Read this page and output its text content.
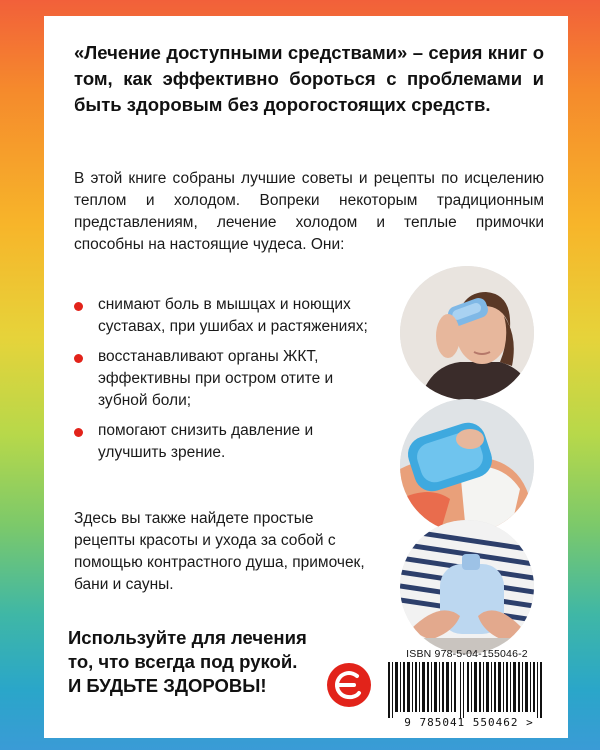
«Лечение доступными средствами» – серия книг о том, как эффективно бороться с проблемами и быть здоровым без дорогостоящих средств.

В этой книге собраны лучшие советы и рецепты по исцелению теплом и холодом. Вопреки некоторым традиционным представлениям, лечение холодом и теплые примочки способны на настоящие чудеса. Они:

снимают боль в мышцах и ноющих суставах, при ушибах и растяжениях;
восстанавливают органы ЖКТ, эффективны при остром отите и зубной боли;
помогают снизить давление и улучшить зрение.

Здесь вы также найдете простые рецепты красоты и ухода за собой с помощью контрастного душа, примочек, бани и сауны.

Используйте для лечения
то, что всегда под рукой.
И БУДЬТЕ ЗДОРОВЫ!

ISBN 978-5-04-155046-2
9 785041 550462 >
